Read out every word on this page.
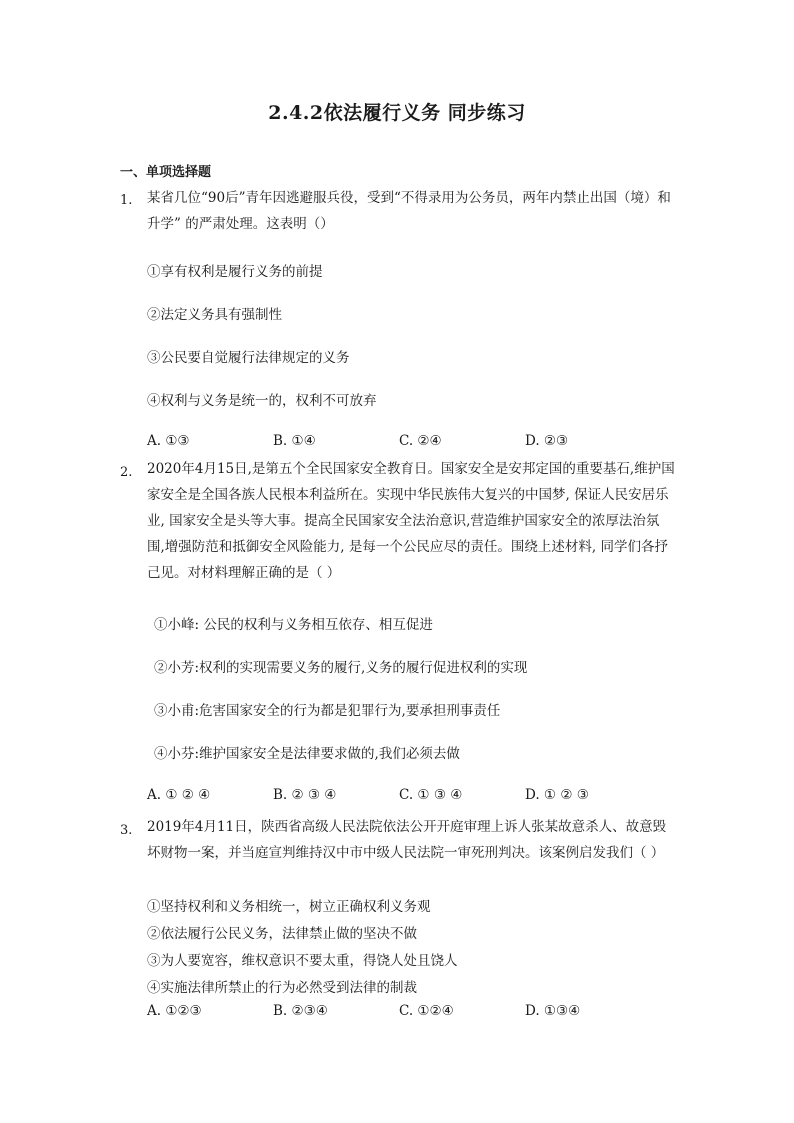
2.4.2依法履行义务 同步练习
一、单项选择题
1. 某省几位“90后”青年因逃避服兵役，受到“不得录用为公务员，两年内禁止出国（境）和升学” 的严肃处理。这表明（）
①享有权利是履行义务的前提
②法定义务具有强制性
③公民要自觉履行法律规定的义务
④权利与义务是统一的，权利不可放弃
A. ①③	B. ①④	C. ②④	D. ②③
2. 2020年4月15日,是第五个全民国家安全教育日。国家安全是安邦定国的重要基石,维护国家安全是全国各族人民根本利益所在。实现中华民族伟大复兴的中国梦, 保证人民安居乐业, 国家安全是头等大事。提高全民国家安全法治意识,营造维护国家安全的浓厚法治氛围,增强防范和抵御安全风险能力, 是每一个公民应尽的责任。围绕上述材料, 同学们各抒己见。对材料理解正确的是（ ）
①小峰: 公民的权利与义务相互依存、相互促进
②小芳:权利的实现需要义务的履行,义务的履行促进权利的实现
③小甫:危害国家安全的行为都是犯罪行为,要承担刑事责任
④小芬:维护国家安全是法律要求做的,我们必须去做
A. ① ② ④	B. ② ③ ④	C. ① ③ ④	D. ① ② ③
3. 2019年4月11日，陕西省高级人民法院依法公开开庭审理上诉人张某故意杀人、故意毁坏财物一案，并当庭宣判维持汉中市中级人民法院一审死刑判决。该案例启发我们（ ）
①坚持权利和义务相统一，树立正确权利义务观
②依法履行公民义务，法律禁止做的坚决不做
③为人要宽容，维权意识不要太重，得饶人处且饶人
④实施法律所禁止的行为必然受到法律的制裁
A. ①②③	B. ②③④	C. ①②④	D. ①③④
